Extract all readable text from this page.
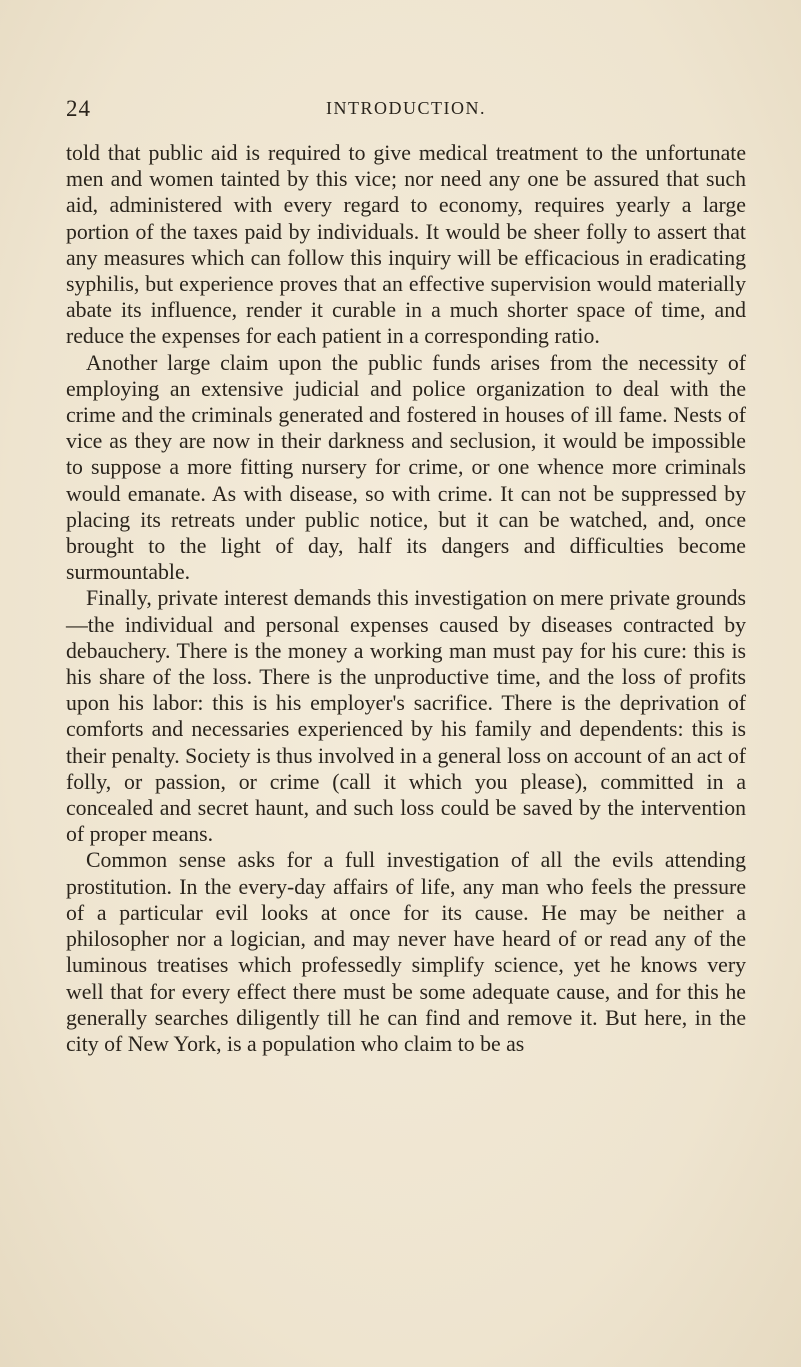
24	INTRODUCTION.

told that public aid is required to give medical treatment to the unfortunate men and women tainted by this vice; nor need any one be assured that such aid, administered with every regard to economy, requires yearly a large portion of the taxes paid by individuals. It would be sheer folly to assert that any measures which can follow this inquiry will be efficacious in eradicating syphilis, but experience proves that an effective supervision would materially abate its influence, render it curable in a much shorter space of time, and reduce the expenses for each patient in a corresponding ratio.

Another large claim upon the public funds arises from the necessity of employing an extensive judicial and police organization to deal with the crime and the criminals generated and fostered in houses of ill fame. Nests of vice as they are now in their darkness and seclusion, it would be impossible to suppose a more fitting nursery for crime, or one whence more criminals would emanate. As with disease, so with crime. It can not be suppressed by placing its retreats under public notice, but it can be watched, and, once brought to the light of day, half its dangers and difficulties become surmountable.

Finally, private interest demands this investigation on mere private grounds—the individual and personal expenses caused by diseases contracted by debauchery. There is the money a working man must pay for his cure: this is his share of the loss. There is the unproductive time, and the loss of profits upon his labor: this is his employer's sacrifice. There is the deprivation of comforts and necessaries experienced by his family and dependents: this is their penalty. Society is thus involved in a general loss on account of an act of folly, or passion, or crime (call it which you please), committed in a concealed and secret haunt, and such loss could be saved by the intervention of proper means.

Common sense asks for a full investigation of all the evils attending prostitution. In the every-day affairs of life, any man who feels the pressure of a particular evil looks at once for its cause. He may be neither a philosopher nor a logician, and may never have heard of or read any of the luminous treatises which professedly simplify science, yet he knows very well that for every effect there must be some adequate cause, and for this he generally searches diligently till he can find and remove it. But here, in the city of New York, is a population who claim to be as
